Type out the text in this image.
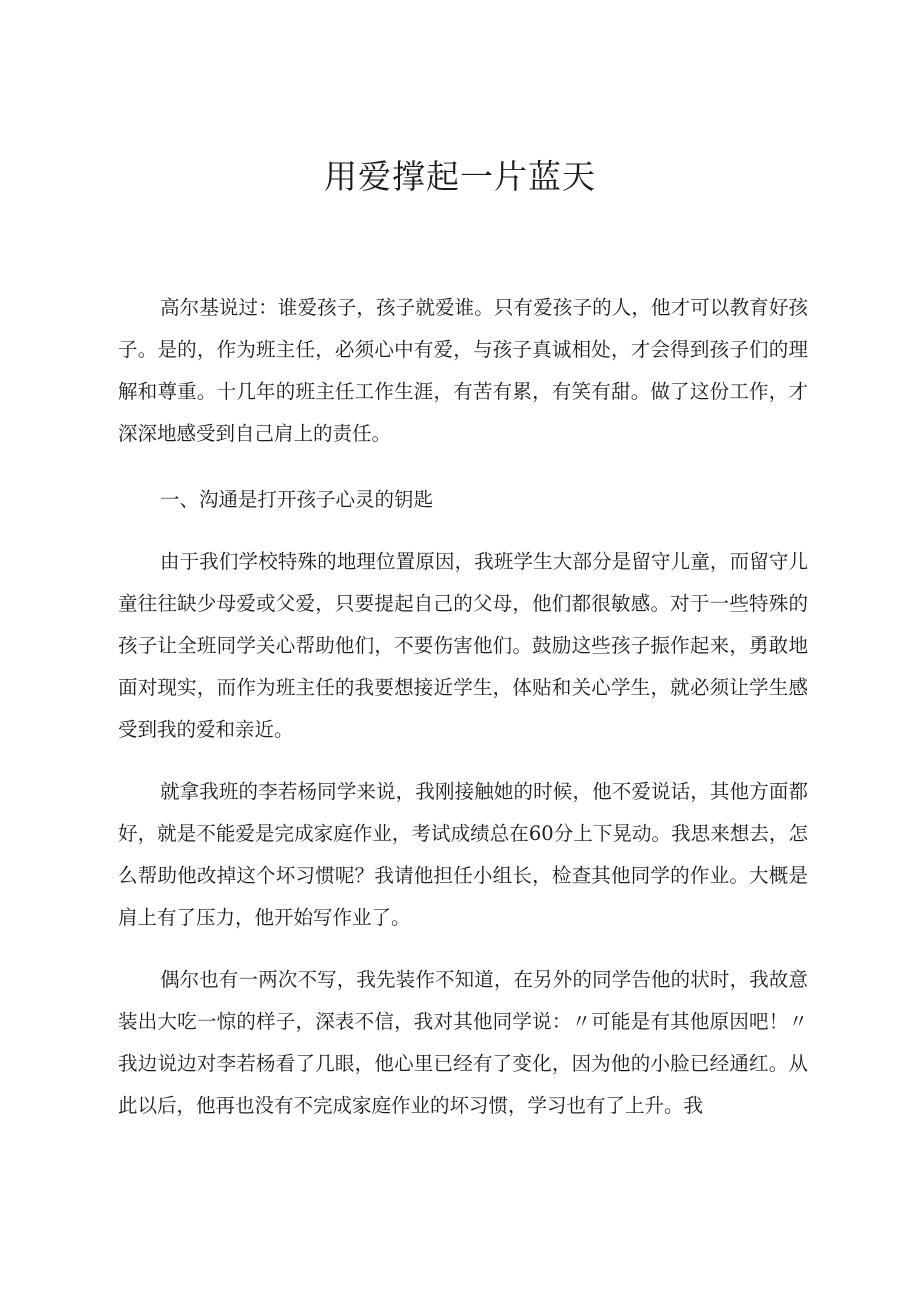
用爱撑起一片蓝天

高尔基说过：谁爱孩子，孩子就爱谁。只有爱孩子的人，他才可以教育好孩子。是的，作为班主任，必须心中有爱，与孩子真诚相处，才会得到孩子们的理解和尊重。十几年的班主任工作生涯，有苦有累，有笑有甜。做了这份工作，才深深地感受到自己肩上的责任。

一、沟通是打开孩子心灵的钥匙

由于我们学校特殊的地理位置原因，我班学生大部分是留守儿童，而留守儿童往往缺少母爱或父爱，只要提起自己的父母，他们都很敏感。对于一些特殊的孩子让全班同学关心帮助他们，不要伤害他们。鼓励这些孩子振作起来，勇敢地面对现实，而作为班主任的我要想接近学生，体贴和关心学生，就必须让学生感受到我的爱和亲近。

就拿我班的李若杨同学来说，我刚接触她的时候，他不爱说话，其他方面都好，就是不能爱是完成家庭作业，考试成绩总在60分上下晃动。我思来想去，怎么帮助他改掉这个坏习惯呢？我请他担任小组长，检查其他同学的作业。大概是肩上有了压力，他开始写作业了。

偶尔也有一两次不写，我先装作不知道，在另外的同学告他的状时，我故意装出大吃一惊的样子，深表不信，我对其他同学说：〃可能是有其他原因吧！〃我边说边对李若杨看了几眼，他心里已经有了变化，因为他的小脸已经通红。从此以后，他再也没有不完成家庭作业的坏习惯，学习也有了上升。我
